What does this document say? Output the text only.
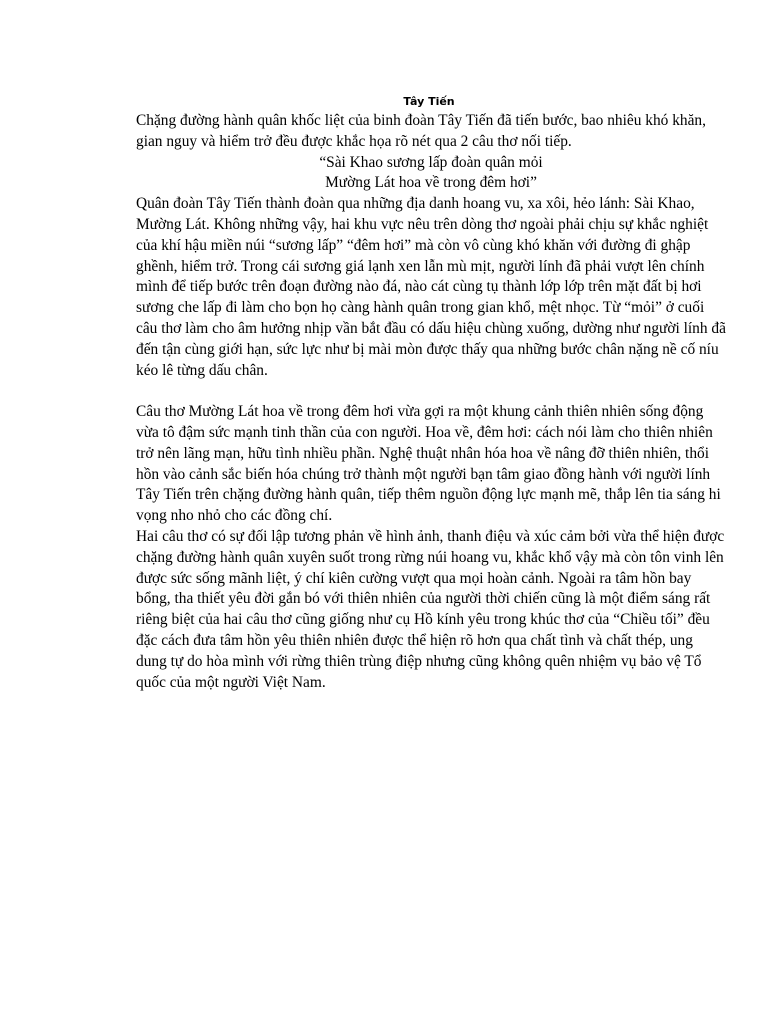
Tây Tiến

Chặng đường hành quân khốc liệt của binh đoàn Tây Tiến đã tiến bước, bao nhiêu khó khăn, gian nguy và hiểm trở đều được khắc họa rõ nét qua 2 câu thơ nối tiếp.

“Sài Khao sương lấp đoàn quân mỏi

Mường Lát hoa về trong đêm hơi”

Quân đoàn Tây Tiến thành đoàn qua những địa danh hoang vu, xa xôi, hẻo lánh: Sài Khao, Mường Lát. Không những vậy, hai khu vực nêu trên dòng thơ ngoài phải chịu sự khắc nghiệt của khí hậu miền núi “sương lấp” “đêm hơi” mà còn vô cùng khó khăn với đường đi ghập ghềnh, hiểm trở. Trong cái sương giá lạnh xen lẫn mù mịt, người lính đã phải vượt lên chính mình để tiếp bước trên đoạn đường nào đá, nào cát cùng tụ thành lớp lớp trên mặt đất bị hơi sương che lấp đi làm cho bọn họ càng hành quân trong gian khổ, mệt nhọc. Từ “mỏi” ở cuối câu thơ làm cho âm hưởng nhịp vần bắt đầu có dấu hiệu chùng xuống, dường như người lính đã đến tận cùng giới hạn, sức lực như bị mài mòn được thấy qua những bước chân nặng nề cố níu kéo lê từng dấu chân.

Câu thơ Mường Lát hoa về trong đêm hơi vừa gợi ra một khung cảnh thiên nhiên sống động vừa tô đậm sức mạnh tinh thần của con người. Hoa về, đêm hơi: cách nói làm cho thiên nhiên trở nên lãng mạn, hữu tình nhiều phần. Nghệ thuật nhân hóa hoa về nâng đỡ thiên nhiên, thổi hồn vào cảnh sắc biến hóa chúng trở thành một người bạn tâm giao đồng hành với người lính Tây Tiến trên chặng đường hành quân, tiếp thêm nguồn động lực mạnh mẽ, thắp lên tia sáng hi vọng nho nhỏ cho các đồng chí.

Hai câu thơ có sự đối lập tương phản về hình ảnh, thanh điệu và xúc cảm bởi vừa thể hiện được chặng đường hành quân xuyên suốt trong rừng núi hoang vu, khắc khổ vậy mà còn tôn vinh lên được sức sống mãnh liệt, ý chí kiên cường vượt qua mọi hoàn cảnh. Ngoài ra tâm hồn bay bổng, tha thiết yêu đời gắn bó với thiên nhiên của người thời chiến cũng là một điểm sáng rất riêng biệt của hai câu thơ cũng giống như cụ Hồ kính yêu trong khúc thơ của “Chiều tối” đều đặc cách đưa tâm hồn yêu thiên nhiên được thể hiện rõ hơn qua chất tình và chất thép, ung dung tự do hòa mình với rừng thiên trùng điệp nhưng cũng không quên nhiệm vụ bảo vệ Tổ quốc của một người Việt Nam.
